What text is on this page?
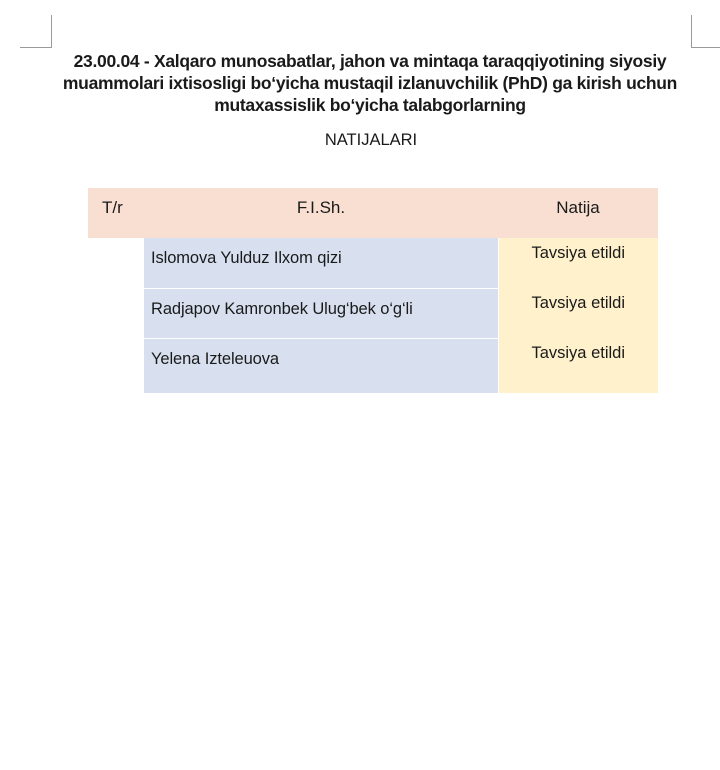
23.00.04 - Xalqaro munosabatlar, jahon va mintaqa taraqqiyotining siyosiy
muammolari ixtisosligi bo‘yicha mustaqil izlanuvchilik (PhD) ga kirish uchun
mutaxassislik bo‘yicha talabgorlarning

NATIJALARI

T/r	F.I.Sh.	Natija
	Islomova Yulduz Ilxom qizi	Tavsiya etildi
	Radjapov Kamronbek Ulug‘bek o‘g‘li	Tavsiya etildi
	Yelena Izteleuova	Tavsiya etildi
